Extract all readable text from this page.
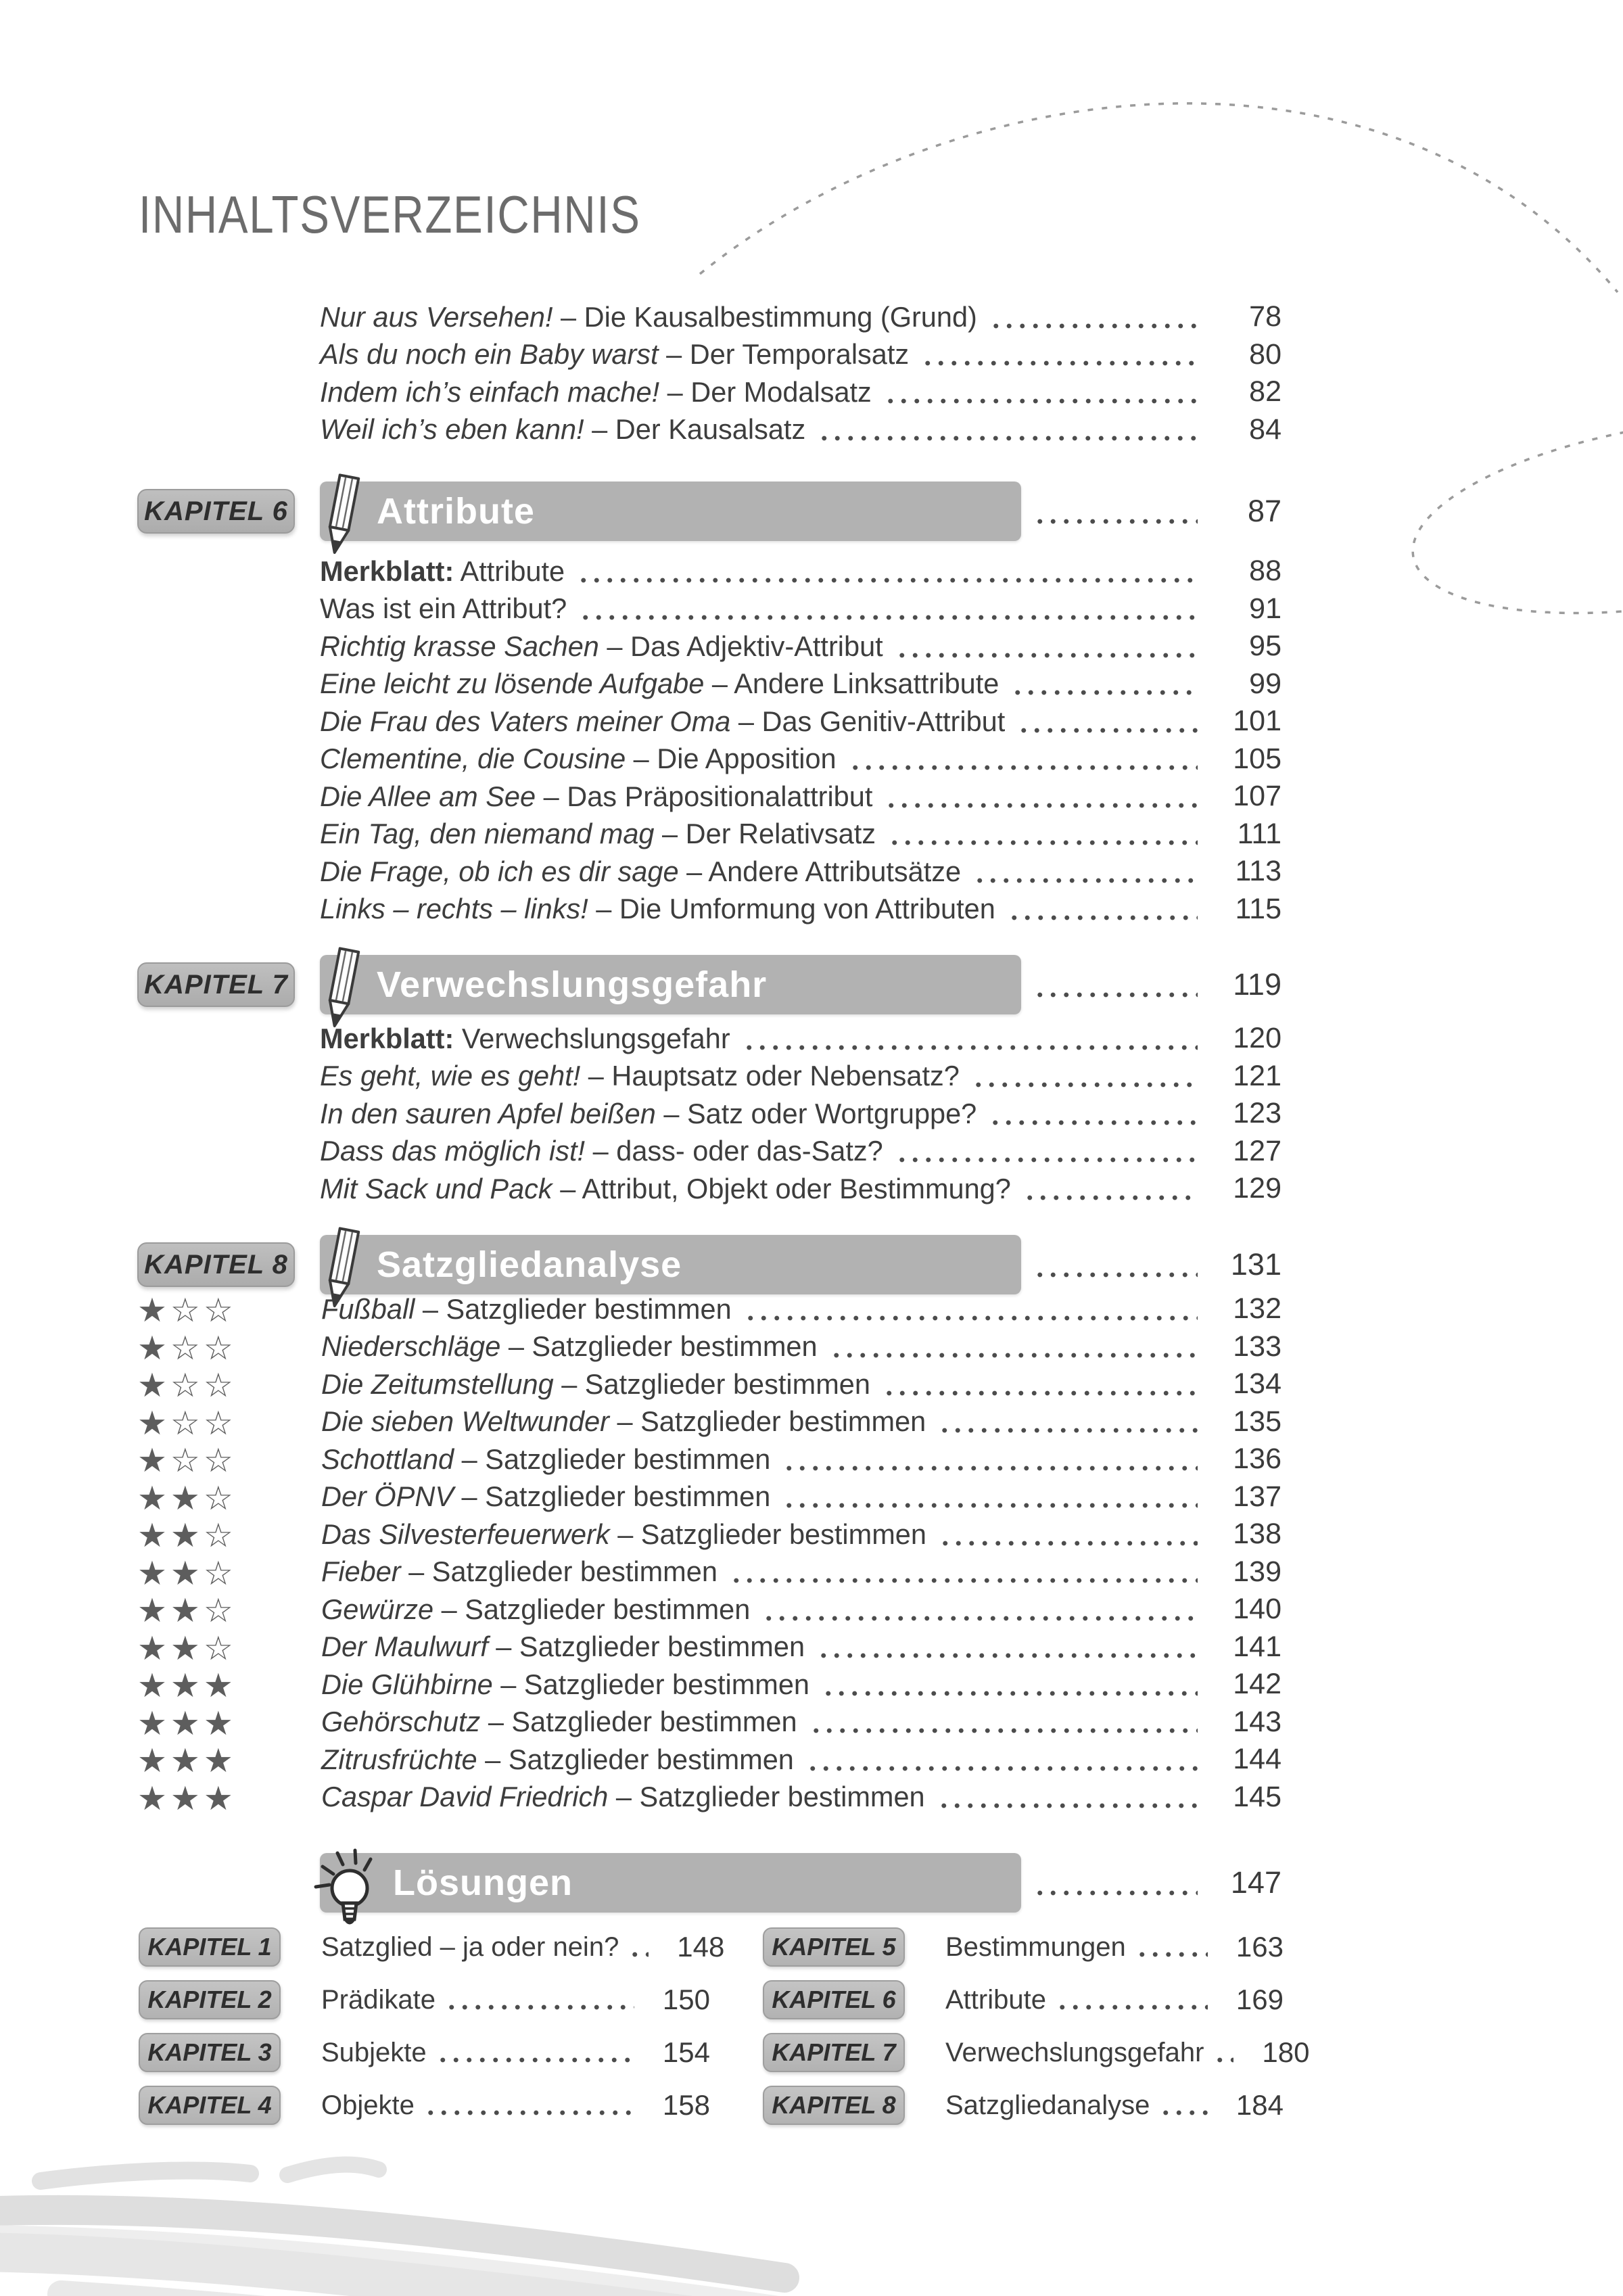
INHALTSVERZEICHNIS
Nur aus Versehen! – Die Kausalbestimmung (Grund)	78
Als du noch ein Baby warst – Der Temporalsatz	80
Indem ich’s einfach mache! – Der Modalsatz	82
Weil ich’s eben kann! – Der Kausalsatz	84
KAPITEL 6 Attribute	87
Merkblatt: Attribute	88
Was ist ein Attribut?	91
Richtig krasse Sachen – Das Adjektiv-Attribut	95
Eine leicht zu lösende Aufgabe – Andere Linksattribute	99
Die Frau des Vaters meiner Oma – Das Genitiv-Attribut	101
Clementine, die Cousine – Die Apposition	105
Die Allee am See – Das Präpositionalattribut	107
Ein Tag, den niemand mag – Der Relativsatz	111
Die Frage, ob ich es dir sage – Andere Attributsätze	113
Links – rechts – links! – Die Umformung von Attributen	115
KAPITEL 7 Verwechslungsgefahr	119
Merkblatt: Verwechslungsgefahr	120
Es geht, wie es geht! – Hauptsatz oder Nebensatz?	121
In den sauren Apfel beißen – Satz oder Wortgruppe?	123
Dass das möglich ist! – dass- oder das-Satz?	127
Mit Sack und Pack – Attribut, Objekt oder Bestimmung?	129
KAPITEL 8 Satzgliedanalyse	131
★☆☆	Fußball – Satzglieder bestimmen	132
★☆☆	Niederschläge – Satzglieder bestimmen	133
★☆☆	Die Zeitumstellung – Satzglieder bestimmen	134
★☆☆	Die sieben Weltwunder – Satzglieder bestimmen	135
★☆☆	Schottland – Satzglieder bestimmen	136
★★☆	Der ÖPNV – Satzglieder bestimmen	137
★★☆	Das Silvesterfeuerwerk – Satzglieder bestimmen	138
★★☆	Fieber – Satzglieder bestimmen	139
★★☆	Gewürze – Satzglieder bestimmen	140
★★☆	Der Maulwurf – Satzglieder bestimmen	141
★★★	Die Glühbirne – Satzglieder bestimmen	142
★★★	Gehörschutz – Satzglieder bestimmen	143
★★★	Zitrusfrüchte – Satzglieder bestimmen	144
★★★	Caspar David Friedrich – Satzglieder bestimmen	145
Lösungen	147
KAPITEL 1	Satzglied – ja oder nein?	148
KAPITEL 2	Prädikate	150
KAPITEL 3	Subjekte	154
KAPITEL 4	Objekte	158
KAPITEL 5	Bestimmungen	163
KAPITEL 6	Attribute	169
KAPITEL 7	Verwechslungsgefahr	180
KAPITEL 8	Satzgliedanalyse	184
